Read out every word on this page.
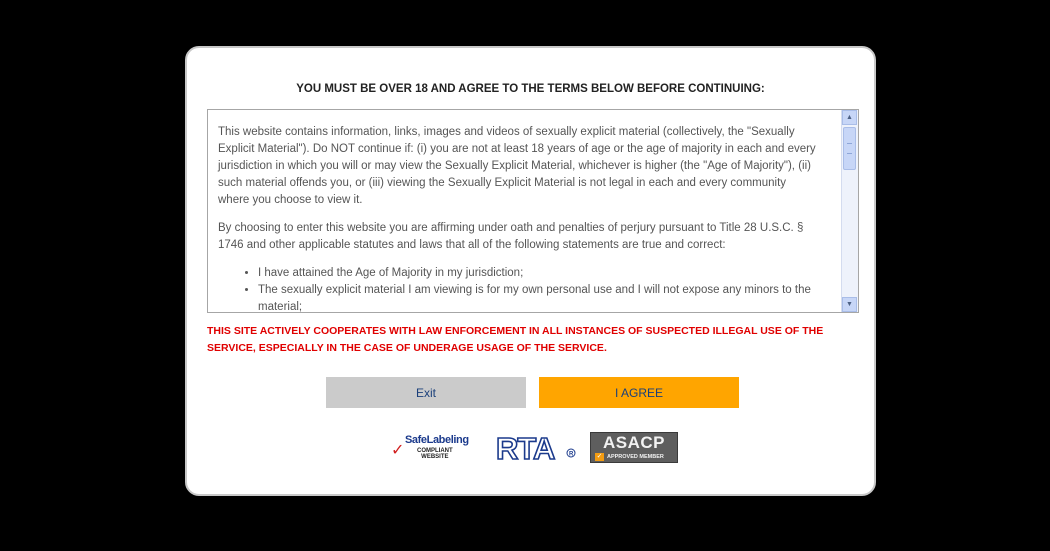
YOU MUST BE OVER 18 AND AGREE TO THE TERMS BELOW BEFORE CONTINUING:

This website contains information, links, images and videos of sexually explicit material (collectively, the "Sexually Explicit Material"). Do NOT continue if: (i) you are not at least 18 years of age or the age of majority in each and every jurisdiction in which you will or may view the Sexually Explicit Material, whichever is higher (the "Age of Majority"), (ii) such material offends you, or (iii) viewing the Sexually Explicit Material is not legal in each and every community where you choose to view it.

By choosing to enter this website you are affirming under oath and penalties of perjury pursuant to Title 28 U.S.C. § 1746 and other applicable statutes and laws that all of the following statements are true and correct:

• I have attained the Age of Majority in my jurisdiction;
• The sexually explicit material I am viewing is for my own personal use and I will not expose any minors to the material;
▲
▼
THIS SITE ACTIVELY COOPERATES WITH LAW ENFORCEMENT IN ALL INSTANCES OF SUSPECTED ILLEGAL USE OF THE SERVICE, ESPECIALLY IN THE CASE OF UNDERAGE USAGE OF THE SERVICE.
Exit	I AGREE
✓
SafeLabeling
COMPLIANT
WEBSITE RTA R
ASACP
✓ APPROVED MEMBER
